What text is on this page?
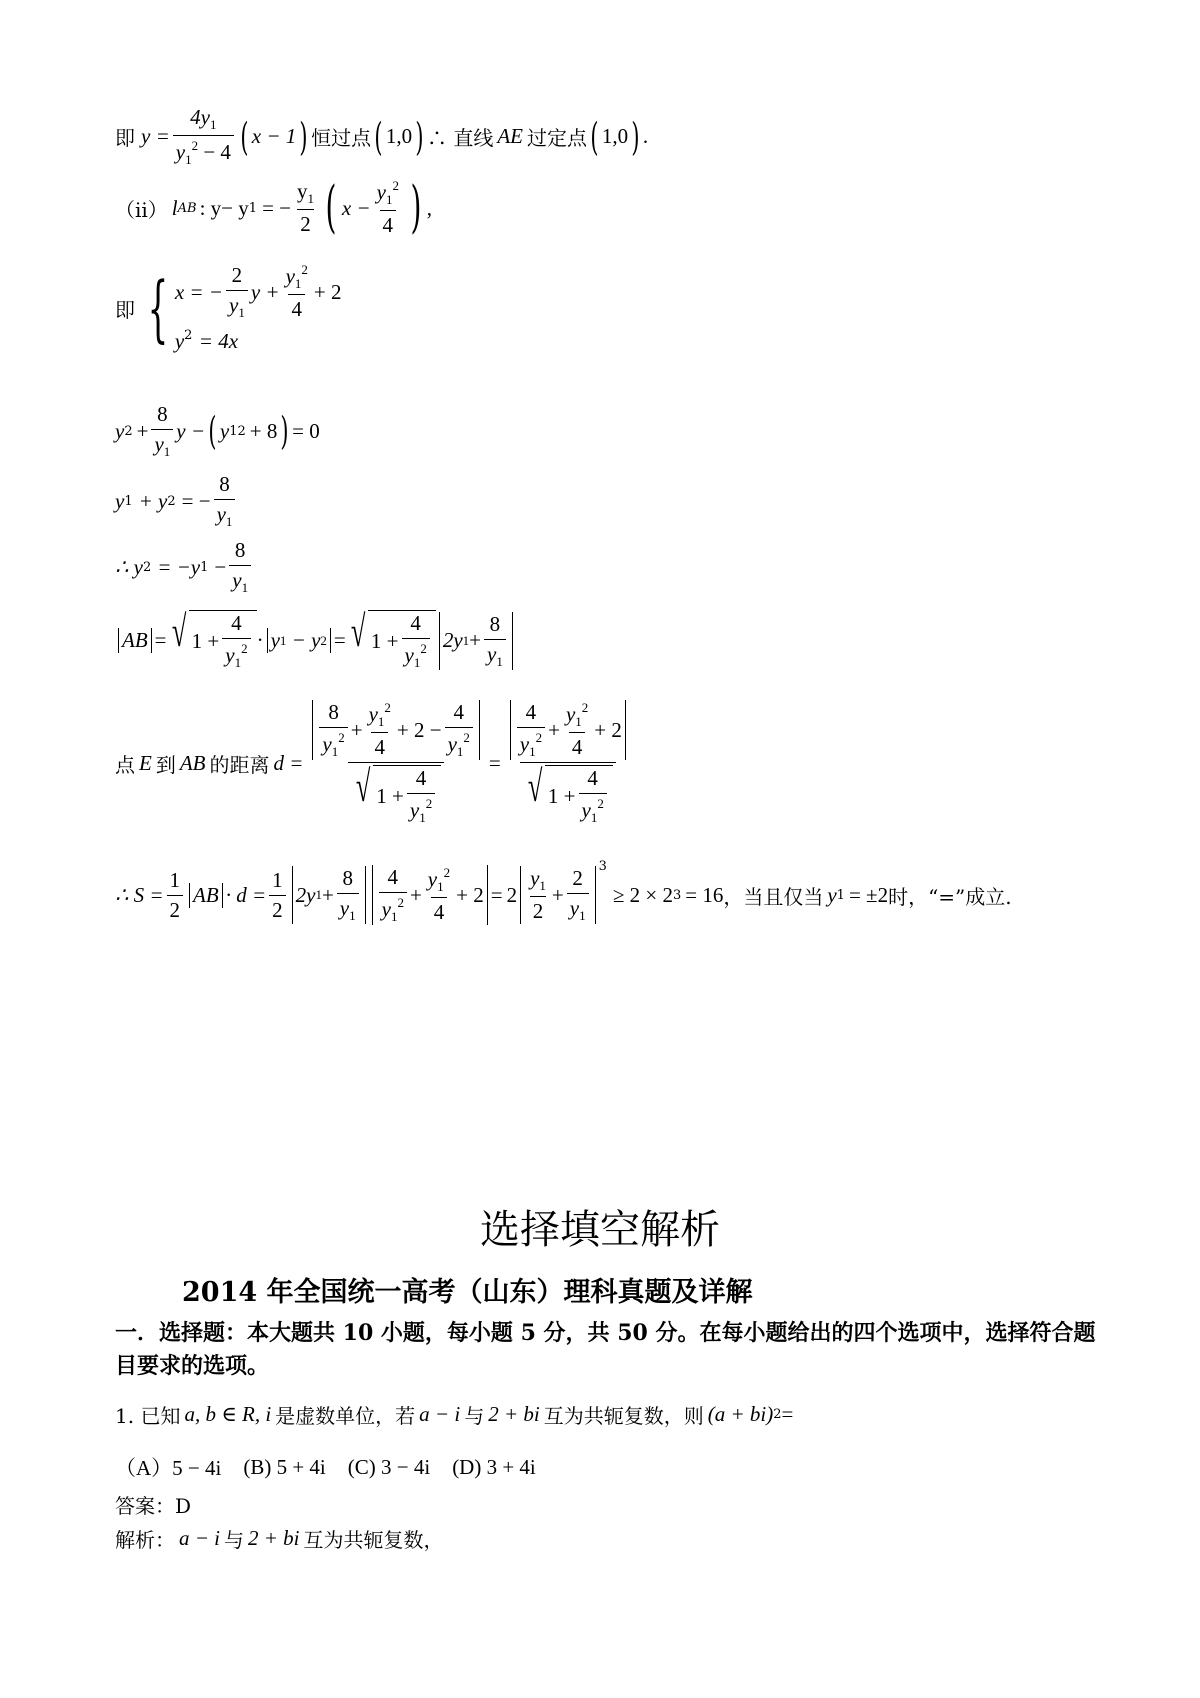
即 $y = \frac{4y_1}{y_1^2 - 4}$ ( x − 1 ) 恒过点 ( 1,0 ) ∴ 直线 AE 过定点 ( 1,0 ) .
（ii） l AB : y− y 1 = − $\frac{y_1}{2}$ ( $x - \frac{y_1^2}{4}$ ) ,
即 { x = − $\frac{2}{y_1}$ $y + \frac{y_1^2}{4} + 2$
$y^2 = 4x$
y $2 + \frac{8}{y_1}$ y − ( y 1 2 + 8 ) = 0
y 1 + y 2 = − $\frac{8}{y_1}$
∴ y 2 = −y $1 - \frac{8}{y_1}$
AB = √ $1 + \frac{4}{y_1^2} \cdot y$ 1
− y 2 = √ $1 + \frac{4}{y_1^2} 2y$ $1 + \frac{8}{y_1}$
点 E 到 AB 的距离 $d = \frac{\frac{8}{y_1^2} + \frac{y_1^2}{4} + 2 - \frac{4}{y_1^2}}{√ 1 + \frac{4}{y_1^2}} = \frac{\frac{4}{y_1^2} + \frac{y_1^2}{4} + 2}{√ 1 + \frac{4}{y_1^2}}$
∴ $S = \frac{1}{2}$ AB · $d = \frac{1}{2} 2y$ $1 + \frac{8}{y_1} \frac{4}{y_1^2} + \frac{y_1^2}{4} + 2 = 2 \frac{y_1}{2} + \frac{2}{y_1} 3$
≥ 2 × 2 3 = 16 ，当且仅当 y 1 = ±2 时，“=”成立.
选择填空解析
2014 年全国统一高考（山东）理科真题及详解
一．选择题：本大题共 10 小题，每小题 5 分，共 50 分。在每小题给出的四个选项中，选择符合题目要求的选项。
1. 已知 a, b ∈ R, i 是虚数单位，若 a − i 与 2 + bi 互为共轭复数，则 (a + bi) 2 =
（A）5 − 4i (B) 5 + 4i (C) 3 − 4i (D) 3 + 4i
答案：D
解析： a − i 与 2 + bi 互为共轭复数，
